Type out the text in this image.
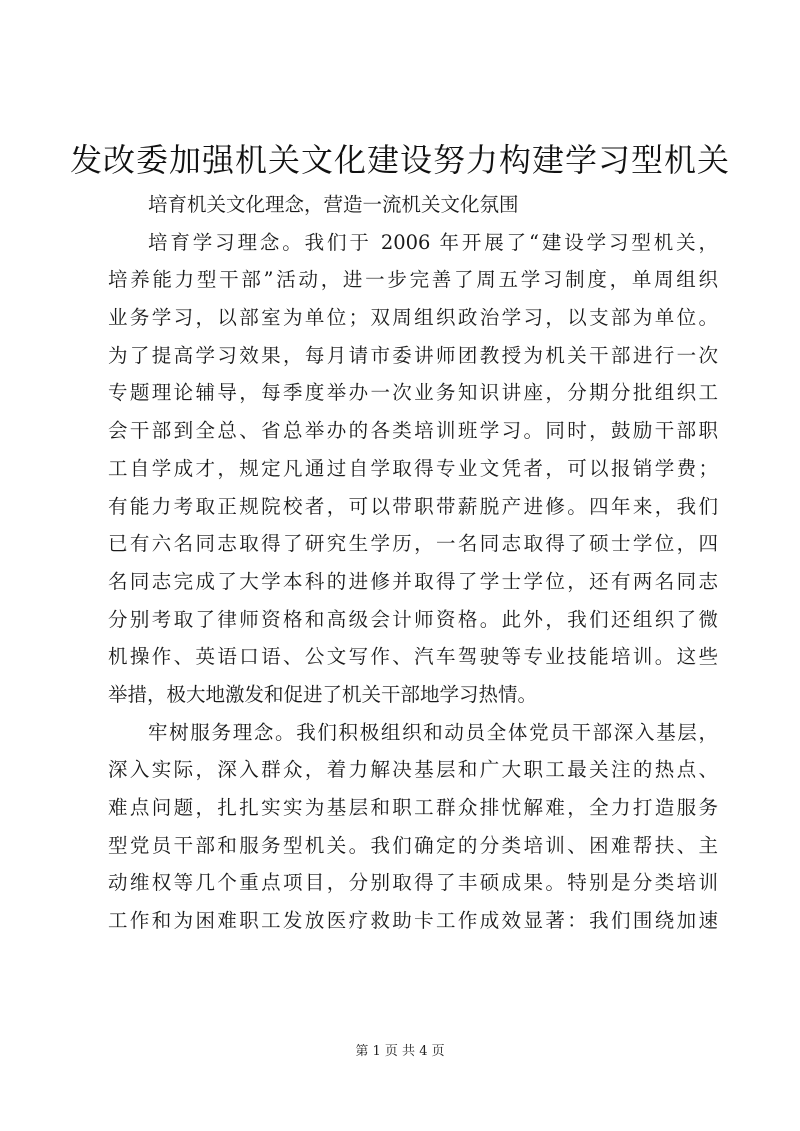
发改委加强机关文化建设努力构建学习型机关
培育机关文化理念，营造一流机关文化氛围
培育学习理念。我们于 2006 年开展了“建设学习型机关，
培养能力型干部”活动，进一步完善了周五学习制度，单周组织
业务学习，以部室为单位；双周组织政治学习，以支部为单位。
为了提高学习效果，每月请市委讲师团教授为机关干部进行一次
专题理论辅导，每季度举办一次业务知识讲座，分期分批组织工
会干部到全总、省总举办的各类培训班学习。同时，鼓励干部职
工自学成才，规定凡通过自学取得专业文凭者，可以报销学费；
有能力考取正规院校者，可以带职带薪脱产进修。四年来，我们
已有六名同志取得了研究生学历，一名同志取得了硕士学位，四
名同志完成了大学本科的进修并取得了学士学位，还有两名同志
分别考取了律师资格和高级会计师资格。此外，我们还组织了微
机操作、英语口语、公文写作、汽车驾驶等专业技能培训。这些
举措，极大地激发和促进了机关干部地学习热情。
牢树服务理念。我们积极组织和动员全体党员干部深入基层，
深入实际，深入群众，着力解决基层和广大职工最关注的热点、
难点问题，扎扎实实为基层和职工群众排忧解难，全力打造服务
型党员干部和服务型机关。我们确定的分类培训、困难帮扶、主
动维权等几个重点项目，分别取得了丰硕成果。特别是分类培训
工作和为困难职工发放医疗救助卡工作成效显著：我们围绕加速
第 1 页 共 4 页
